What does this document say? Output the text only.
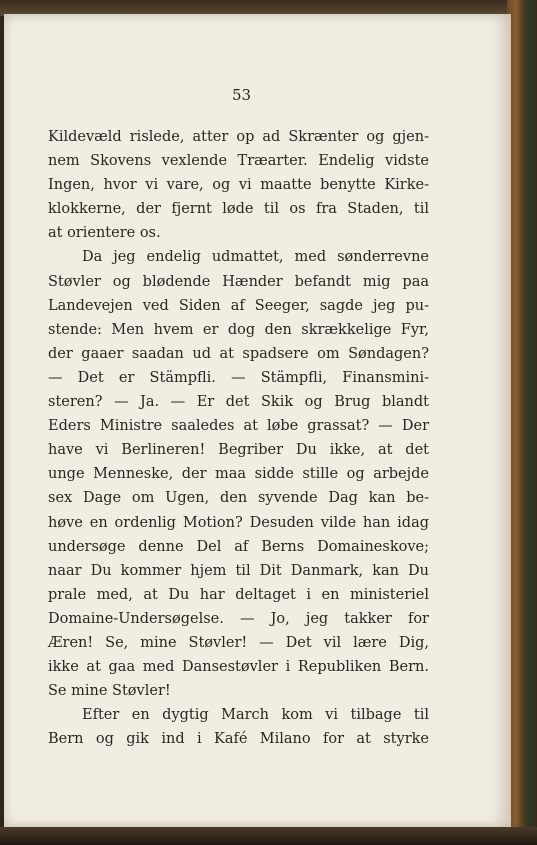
53
Kildevæld rislede, atter op ad Skrænter og gjen-
nem Skovens vexlende Træarter. Endelig vidste
Ingen, hvor vi vare, og vi maatte benytte Kirke-
klokkerne, der fjernt løde til os fra Staden, til
at orientere os.
Da jeg endelig udmattet, med sønderrevne
Støvler og blødende Hænder befandt mig paa
Landevejen ved Siden af Seeger, sagde jeg pu-
stende: Men hvem er dog den skrækkelige Fyr,
der gaaer saadan ud at spadsere om Søndagen?
— Det er Stämpfli. — Stämpfli, Finansmini-
steren? — Ja. — Er det Skik og Brug blandt
Eders Ministre saaledes at løbe grassat? — Der
have vi Berlineren! Begriber Du ikke, at det
unge Menneske, der maa sidde stille og arbejde
sex Dage om Ugen, den syvende Dag kan be-
høve en ordenlig Motion? Desuden vilde han idag
undersøge denne Del af Berns Domaineskove;
naar Du kommer hjem til Dit Danmark, kan Du
prale med, at Du har deltaget i en ministeriel
Domaine-Undersøgelse. — Jo, jeg takker for
Æren! Se, mine Støvler! — Det vil lære Dig,
ikke at gaa med Dansestøvler i Republiken Bern.
Se mine Støvler!
Efter en dygtig March kom vi tilbage til
Bern og gik ind i Kafé Milano for at styrke
